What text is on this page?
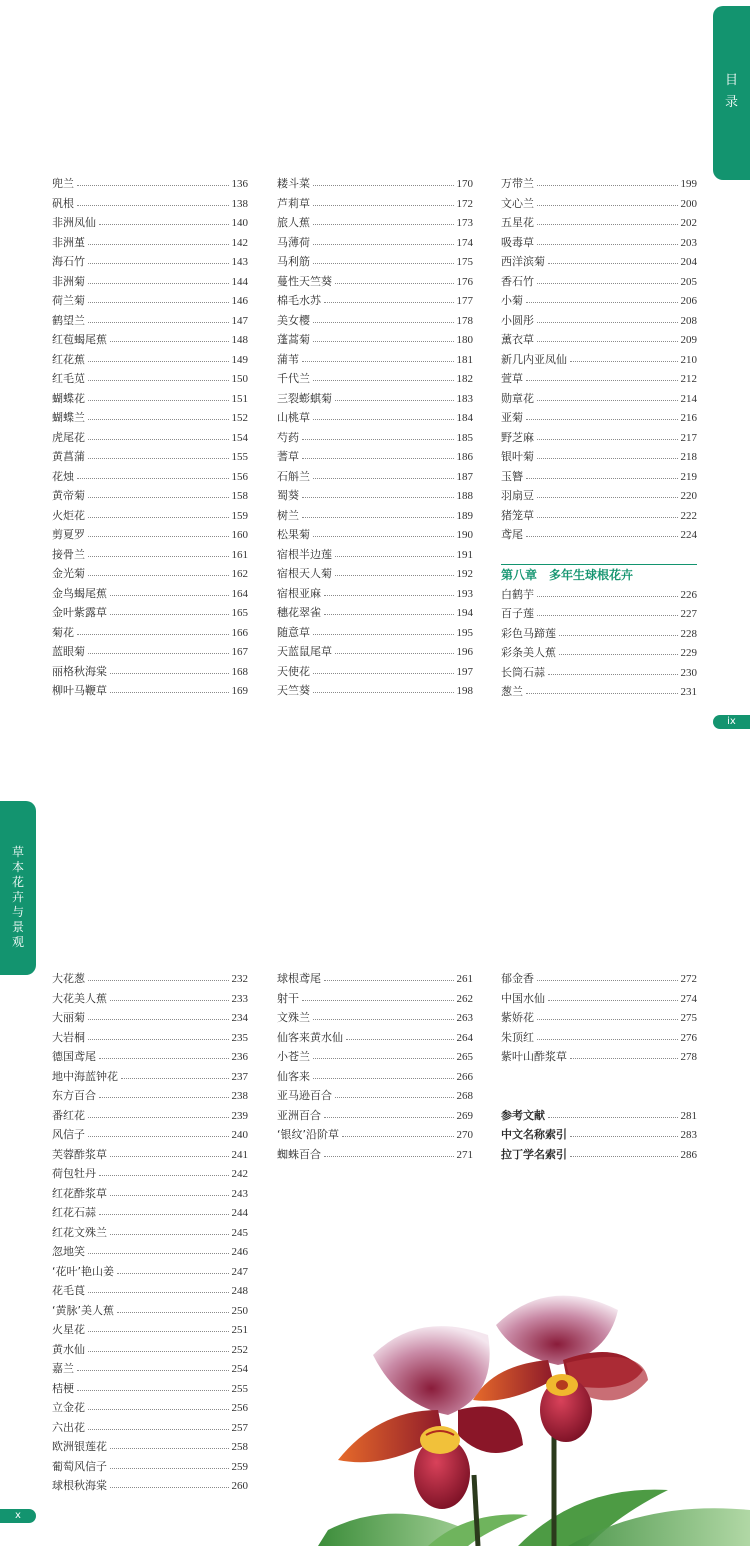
目
录
草
本
花
卉
与
景
观
ix
x
兜兰	136
矾根	138
非洲凤仙	140
非洲堇	142
海石竹	143
非洲菊	144
荷兰菊	146
鹤望兰	147
红苞蝎尾蕉	148
红花蕉	149
红毛苋	150
蝴蝶花	151
蝴蝶兰	152
虎尾花	154
黄菖蒲	155
花烛	156
黄帝菊	158
火炬花	159
剪夏罗	160
接骨兰	161
金光菊	162
金鸟蝎尾蕉	164
金叶紫露草	165
菊花	166
蓝眼菊	167
丽格秋海棠	168
柳叶马鞭草	169
耧斗菜	170
芦莉草	172
旅人蕉	173
马薄荷	174
马利筋	175
蔓性天竺葵	176
棉毛水苏	177
美女樱	178
蓬蒿菊	180
蒲苇	181
千代兰	182
三裂蟛蜞菊	183
山桃草	184
芍药	185
蓍草	186
石斛兰	187
蜀葵	188
树兰	189
松果菊	190
宿根半边莲	191
宿根天人菊	192
宿根亚麻	193
穗花翠雀	194
随意草	195
天蓝鼠尾草	196
天使花	197
天竺葵	198
万带兰	199
文心兰	200
五星花	202
吸毒草	203
西洋滨菊	204
香石竹	205
小菊	206
小圆彤	208
薰衣草	209
新几内亚凤仙	210
萱草	212
勋章花	214
亚菊	216
野芝麻	217
银叶菊	218
玉簪	219
羽扇豆	220
猪笼草	222
鸢尾	224
第八章 多年生球根花卉
白鹤芋	226
百子莲	227
彩色马蹄莲	228
彩条美人蕉	229
长筒石蒜	230
葱兰	231
大花葱	232
大花美人蕉	233
大丽菊	234
大岩桐	235
德国鸢尾	236
地中海蓝钟花	237
东方百合	238
番红花	239
风信子	240
芙蓉酢浆草	241
荷包牡丹	242
红花酢浆草	243
红花石蒜	244
红花文殊兰	245
忽地笑	246
‘花叶’艳山姜	247
花毛茛	248
‘黄脉’美人蕉	250
火星花	251
黄水仙	252
嘉兰	254
桔梗	255
立金花	256
六出花	257
欧洲银莲花	258
葡萄风信子	259
球根秋海棠	260
球根鸢尾	261
射干	262
文殊兰	263
仙客来黄水仙	264
小苍兰	265
仙客来	266
亚马逊百合	268
亚洲百合	269
‘银纹’沿阶草	270
蜘蛛百合	271
郁金香	272
中国水仙	274
紫娇花	275
朱顶红	276
紫叶山酢浆草	278
参考文献	281
中文名称索引	283
拉丁学名索引	286
